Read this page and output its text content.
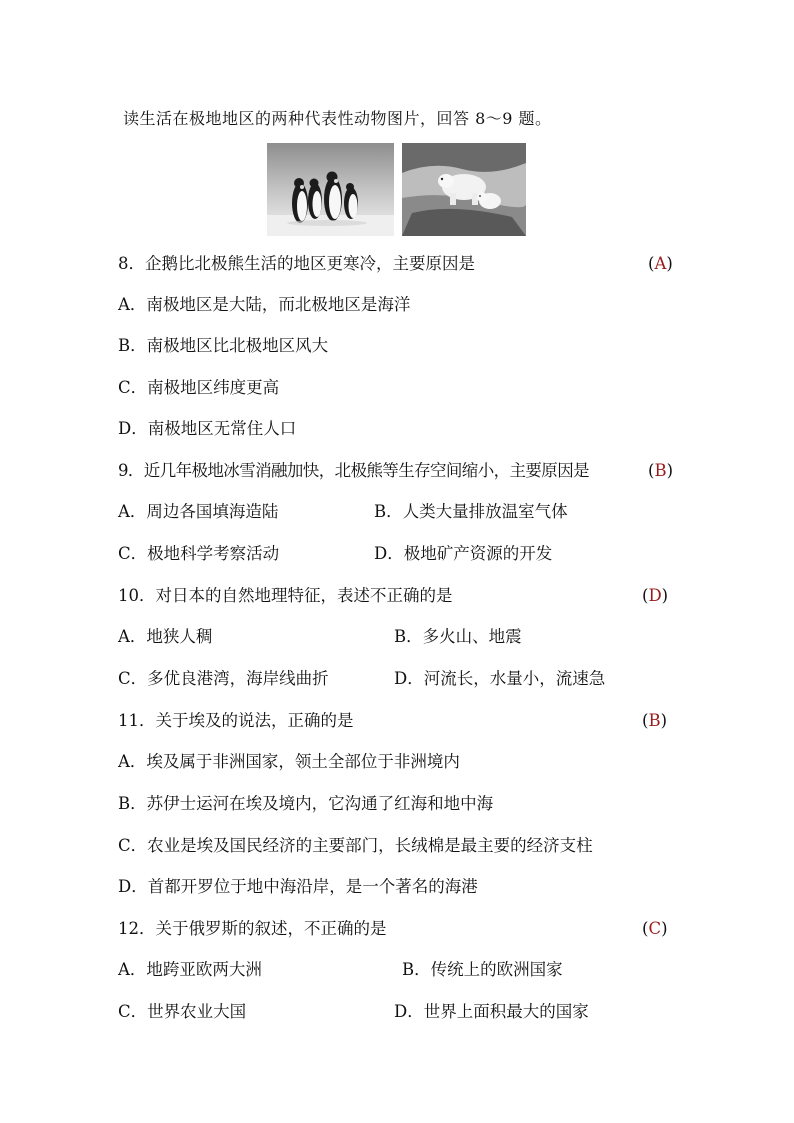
读生活在极地地区的两种代表性动物图片，回答 8～9 题。
8．企鹅比北极熊生活的地区更寒冷，主要原因是	(A)
A．南极地区是大陆，而北极地区是海洋
B．南极地区比北极地区风大
C．南极地区纬度更高
D．南极地区无常住人口
9．近几年极地冰雪消融加快，北极熊等生存空间缩小，主要原因是	(B)
A．周边各国填海造陆	B．人类大量排放温室气体
C．极地科学考察活动	D．极地矿产资源的开发
10．对日本的自然地理特征，表述不正确的是	(D)
A．地狭人稠	B．多火山、地震
C．多优良港湾，海岸线曲折	D．河流长，水量小，流速急
11．关于埃及的说法，正确的是	(B)
A．埃及属于非洲国家，领土全部位于非洲境内
B．苏伊士运河在埃及境内，它沟通了红海和地中海
C．农业是埃及国民经济的主要部门，长绒棉是最主要的经济支柱
D．首都开罗位于地中海沿岸，是一个著名的海港
12．关于俄罗斯的叙述，不正确的是	(C)
A．地跨亚欧两大洲	B．传统上的欧洲国家
C．世界农业大国	D．世界上面积最大的国家
